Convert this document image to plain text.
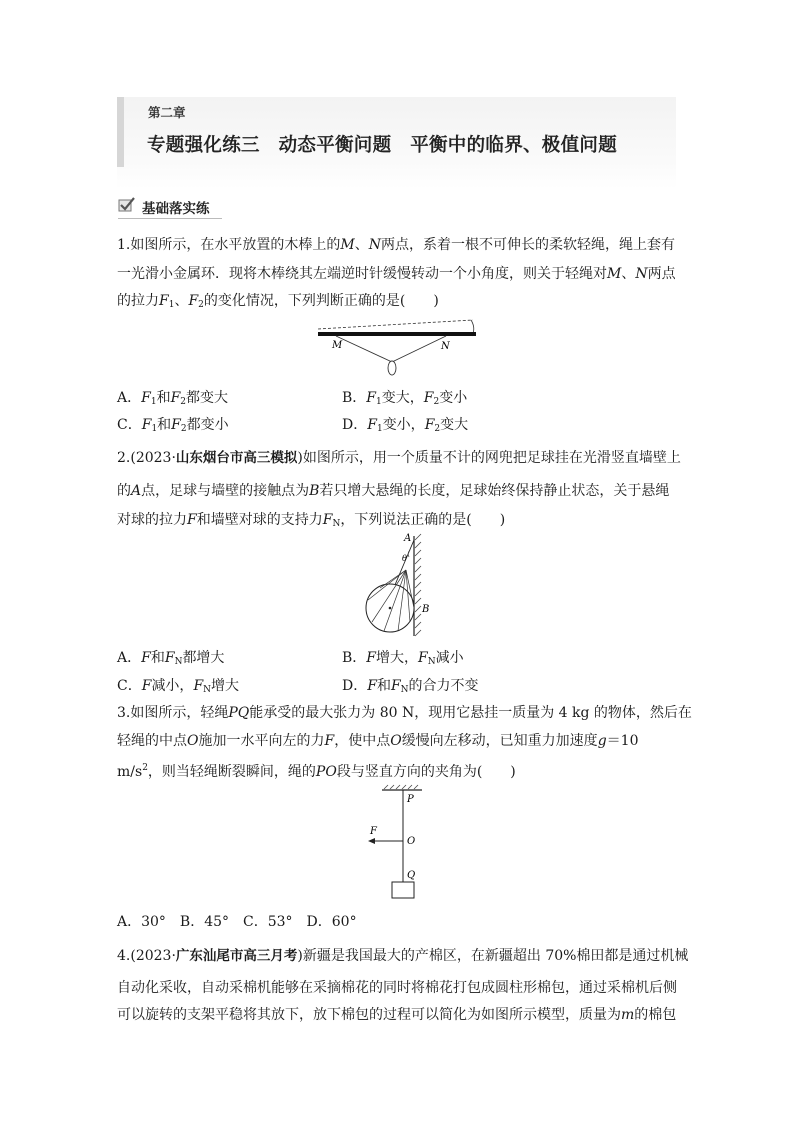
第二章
专题强化练三　动态平衡问题　平衡中的临界、极值问题
基础落实练
1.如图所示，在水平放置的木棒上的M、N两点，系着一根不可伸长的柔软轻绳，绳上套有
一光滑小金属环．现将木棒绕其左端逆时针缓慢转动一个小角度，则关于轻绳对M、N两点
的拉力$F_1$、$F_2$的变化情况，下列判断正确的是(　　)
M	N
A．$F_1$和$F_2$都变大	B．$F_1$变大，$F_2$变小
C．$F_1$和$F_2$都变小	D．$F_1$变小，$F_2$变大
2.(2023·山东烟台市高三模拟)如图所示，用一个质量不计的网兜把足球挂在光滑竖直墙壁上
的A点，足球与墙壁的接触点为B若只增大悬绳的长度，足球始终保持静止状态，关于悬绳
对球的拉力F和墙壁对球的支持力$F_N$，下列说法正确的是(　　)
A
θ
B
A．F和$F_N$都增大	B．F增大，$F_N$减小
C．F减小，$F_N$增大	D．F和$F_N$的合力不变
3.如图所示，轻绳PQ能承受的最大张力为 80 N，现用它悬挂一质量为 4 kg 的物体，然后在
轻绳的中点O施加一水平向左的力F，使中点O缓慢向左移动，已知重力加速度g＝10
$m/s^2$，则当轻绳断裂瞬间，绳的PO段与竖直方向的夹角为(　　)
P
O
Q
F
A．30°　B．45°　C．53°　D．60°
4.(2023·广东汕尾市高三月考)新疆是我国最大的产棉区，在新疆超出 70%棉田都是通过机械
自动化采收，自动采棉机能够在采摘棉花的同时将棉花打包成圆柱形棉包，通过采棉机后侧
可以旋转的支架平稳将其放下，放下棉包的过程可以简化为如图所示模型，质量为m的棉包
